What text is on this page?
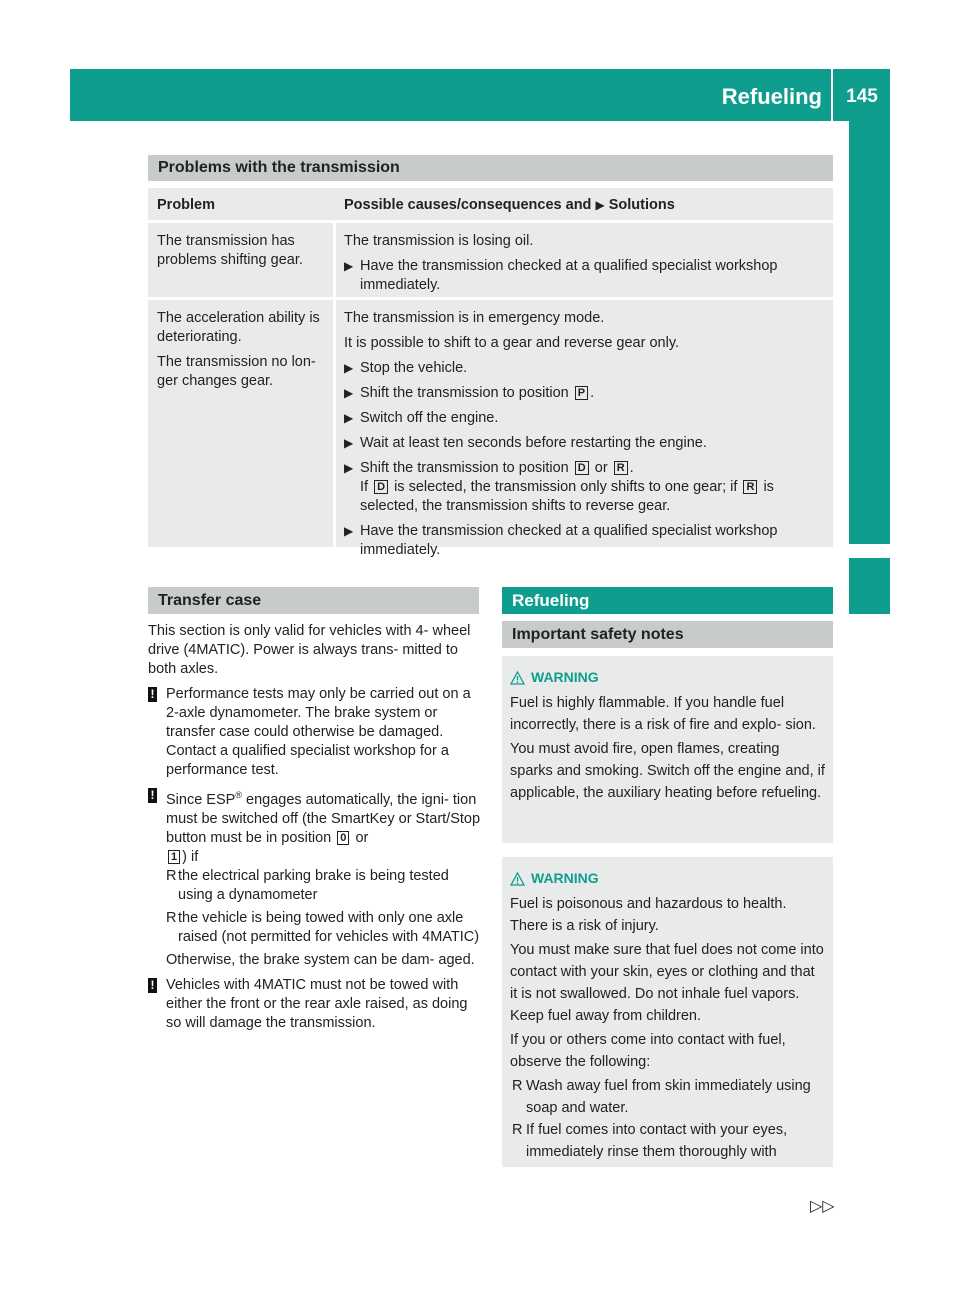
Refueling	145
Driving and parking
Problems with the transmission
Problem	Possible causes/consequences and ▶ Solutions

The transmission has problems shifting gear.

The transmission is losing oil.

▶ Have the transmission checked at a qualified specialist workshop immediately.

The acceleration ability is deteriorating.

The transmission no lon- ger changes gear.

The transmission is in emergency mode.

It is possible to shift to a gear and reverse gear only.

▶ Stop the vehicle.
▶ Shift the transmission to position P .
▶ Switch off the engine.
▶ Wait at least ten seconds before restarting the engine.
▶ Shift the transmission to position D or R .
If D is selected, the transmission only shifts to one gear; if R is selected, the transmission shifts to reverse gear.
▶ Have the transmission checked at a qualified specialist workshop immediately.
Transfer case

This section is only valid for vehicles with 4- wheel drive (4MATIC). Power is always trans- mitted to both axles.

! Performance tests may only be carried out on a 2-axle dynamometer. The brake system or transfer case could otherwise be damaged. Contact a qualified specialist workshop for a performance test.
! Since ESP® engages automatically, the igni- tion must be switched off (the SmartKey or Start/Stop button must be in position 0 or
1 ) if
R the electrical parking brake is being tested using a dynamometer
R the vehicle is being towed with only one axle raised (not permitted for vehicles with 4MATIC)

Otherwise, the brake system can be dam- aged.

! Vehicles with 4MATIC must not be towed with either the front or the rear axle raised, as doing so will damage the transmission.
Refueling
Important safety notes
WARNING

Fuel is highly flammable. If you handle fuel incorrectly, there is a risk of fire and explo- sion.

You must avoid fire, open flames, creating sparks and smoking. Switch off the engine and, if applicable, the auxiliary heating before refueling.

WARNING

Fuel is poisonous and hazardous to health. There is a risk of injury.

You must make sure that fuel does not come into contact with your skin, eyes or clothing and that it is not swallowed. Do not inhale fuel vapors. Keep fuel away from children.

If you or others come into contact with fuel, observe the following:

R Wash away fuel from skin immediately using soap and water.
R If fuel comes into contact with your eyes, immediately rinse them thoroughly with
▷▷
